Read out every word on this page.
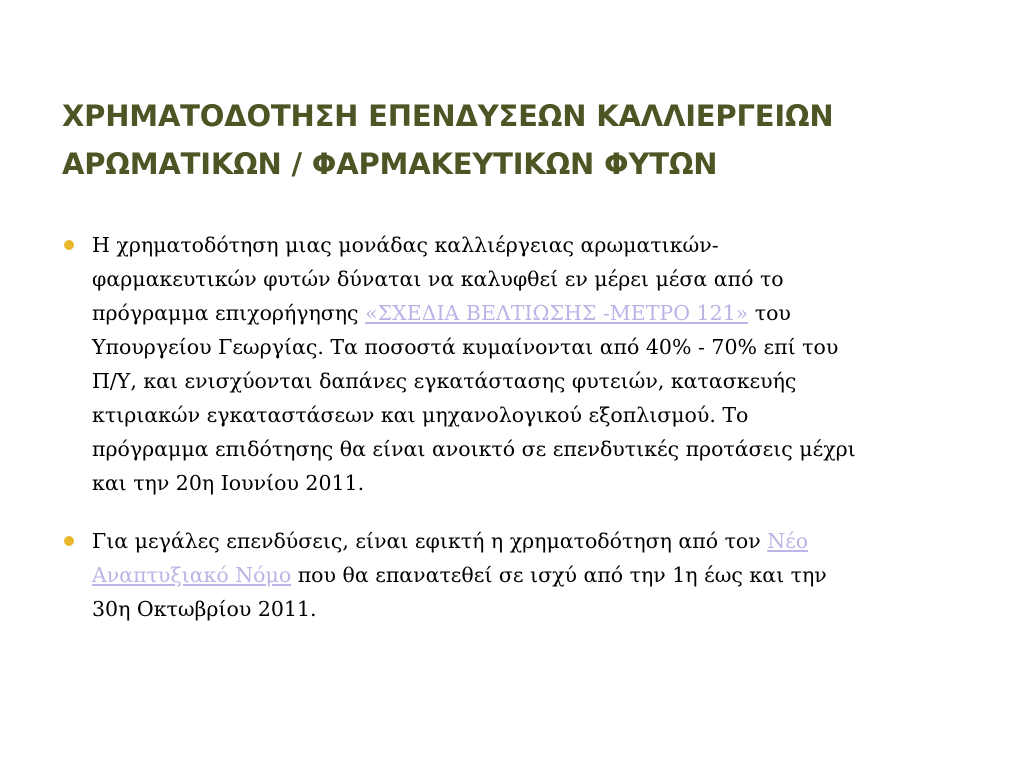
ΧΡΗΜΑΤΟΔΟΤΗΣΗ ΕΠΕΝΔΥΣΕΩΝ ΚΑΛΛΙΕΡΓΕΙΩΝ
ΑΡΩΜΑΤΙΚΩΝ / ΦΑΡΜΑΚΕΥΤΙΚΩΝ ΦΥΤΩΝ
Η χρηματοδότηση μιας μονάδας καλλιέργειας αρωματικών-
φαρμακευτικών φυτών δύναται να καλυφθεί εν μέρει μέσα από το
πρόγραμμα επιχορήγησης «ΣΧΕΔΙΑ ΒΕΛΤΙΩΣΗΣ -ΜΕΤΡΟ 121» του
Υπουργείου Γεωργίας. Τα ποσοστά κυμαίνονται από 40% - 70% επί του
Π/Υ, και ενισχύονται δαπάνες εγκατάστασης φυτειών, κατασκευής
κτιριακών εγκαταστάσεων και μηχανολογικού εξοπλισμού. Το
πρόγραμμα επιδότησης θα είναι ανοικτό σε επενδυτικές προτάσεις μέχρι
και την 20η Ιουνίου 2011.
Για μεγάλες επενδύσεις, είναι εφικτή η χρηματοδότηση από τον Νέο
Αναπτυξιακό Νόμο που θα επανατεθεί σε ισχύ από την 1η έως και την
30η Οκτωβρίου 2011.
